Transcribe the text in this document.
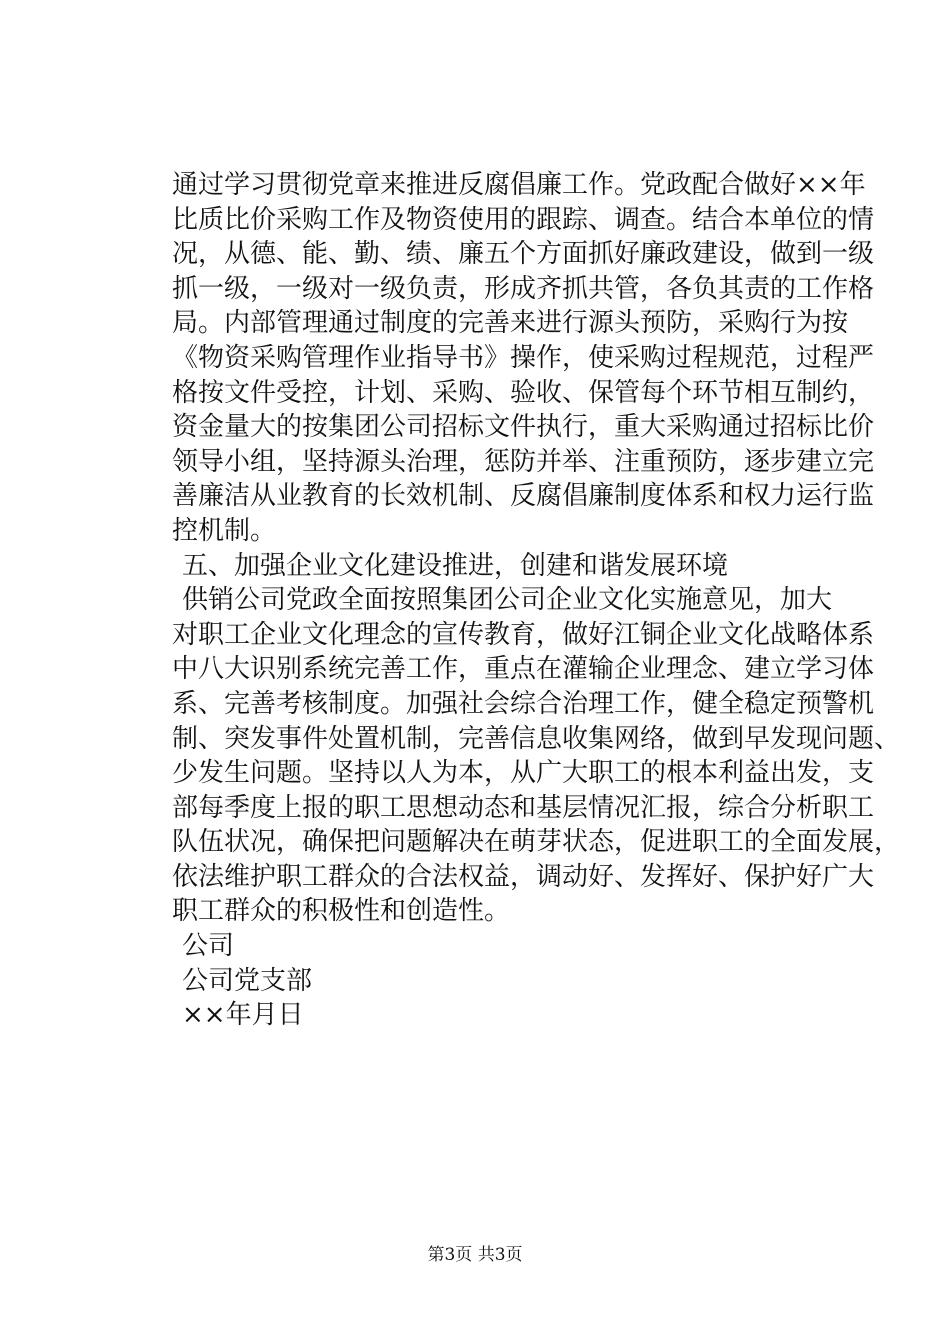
通过学习贯彻党章来推进反腐倡廉工作。党政配合做好××年
比质比价采购工作及物资使用的跟踪、调查。结合本单位的情
况，从德、能、勤、绩、廉五个方面抓好廉政建设，做到一级
抓一级，一级对一级负责，形成齐抓共管，各负其责的工作格
局。内部管理通过制度的完善来进行源头预防，采购行为按
《物资采购管理作业指导书》操作，使采购过程规范，过程严
格按文件受控，计划、采购、验收、保管每个环节相互制约，
资金量大的按集团公司招标文件执行，重大采购通过招标比价
领导小组，坚持源头治理，惩防并举、注重预防，逐步建立完
善廉洁从业教育的长效机制、反腐倡廉制度体系和权力运行监
控机制。
五、加强企业文化建设推进，创建和谐发展环境
供销公司党政全面按照集团公司企业文化实施意见，加大
对职工企业文化理念的宣传教育，做好江铜企业文化战略体系
中八大识别系统完善工作，重点在灌输企业理念、建立学习体
系、完善考核制度。加强社会综合治理工作，健全稳定预警机
制、突发事件处置机制，完善信息收集网络，做到早发现问题、
少发生问题。坚持以人为本，从广大职工的根本利益出发，支
部每季度上报的职工思想动态和基层情况汇报，综合分析职工
队伍状况，确保把问题解决在萌芽状态，促进职工的全面发展，
依法维护职工群众的合法权益，调动好、发挥好、保护好广大
职工群众的积极性和创造性。
公司
公司党支部
××年月日
第3页 共3页
